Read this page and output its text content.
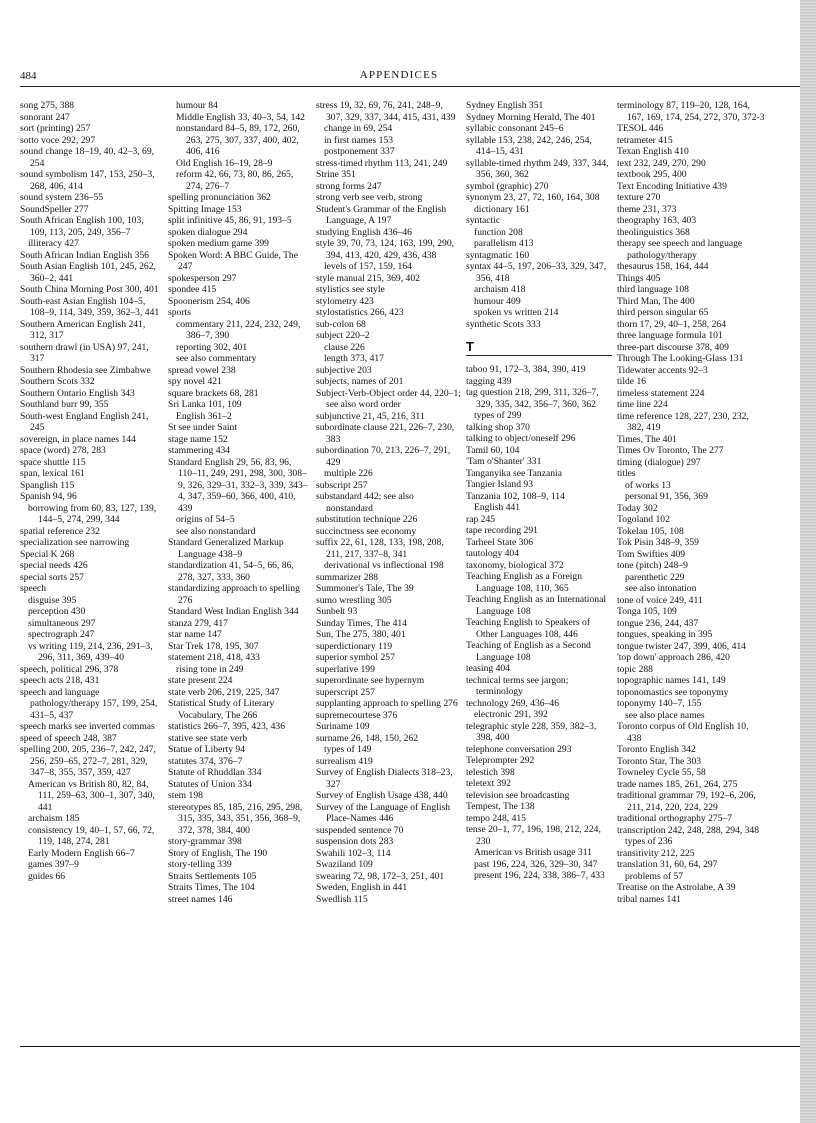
484	APPENDICES
song 275, 388
sonorant 247
sort (printing) 257
sotto voce 292, 297
sound change 18–19, 40, 42–3, 69, 254
sound symbolism 147, 153, 250–3, 268, 406, 414
sound system 236–55
SoundSpeller 277
South African English 100, 103, 109, 113, 205, 249, 356–7
illiteracy 427
South African Indian English 356
South Asian English 101, 245, 262, 360–2, 441
South China Morning Post 300, 401
South-east Asian English 104–5, 108–9, 114, 349, 359, 362–3, 441
Southern American English 241, 312, 317
southern drawl (in USA) 97, 241, 317
Southern Rhodesia see Zimbabwe
Southern Scots 332
Southern Ontario English 343
Southland burr 99, 355
South-west England English 241, 245
sovereign, in place names 144
space (word) 278, 283
space shuttle 115
span, lexical 161
Spanglish 115
Spanish 94, 96
borrowing from 60, 83, 127, 139, 144–5, 274, 299, 344
spatial reference 232
specialization see narrowing
Special K 268
special needs 426
special sorts 257
speech
disguise 395
perception 430
simultaneous 297
spectrograph 247
vs writing 119, 214, 236, 291–3, 296, 311, 369, 439–40
speech, political 296, 378
speech acts 218, 431
speech and language pathology/therapy 157, 199, 254, 431–5, 437
speech marks see inverted commas
speed of speech 248, 387
spelling 200, 205, 236–7, 242, 247, 256, 259–65, 272–7, 281, 329, 347–8, 355, 357, 359, 427
American vs British 80, 82, 84, 111, 259–63, 300–1, 307, 340, 441
archaism 185
consistency 19, 40–1, 57, 66, 72, 119, 148, 274, 281
Early Modern English 66–7
games 397–9
guides 66
humour 84
Middle English 33, 40–3, 54, 142
nonstandard 84–5, 89, 172, 260, 263, 275, 307, 337, 400, 402, 406, 416
Old English 16–19, 28–9
reform 42, 66, 73, 80, 86, 265, 274, 276–7
spelling pronunciation 362
Spitting Image 153
split infinitive 45, 86, 91, 193–5
spoken dialogue 294
spoken medium game 399
Spoken Word: A BBC Guide, The 247
spokesperson 297
spondee 415
Spoonerism 254, 406
sports
commentary 211, 224, 232, 249, 386–7, 390
reporting 302, 401
see also commentary
spread vowel 238
spy novel 421
square brackets 68, 281
Sri Lanka 101, 109
English 361–2
St see under Saint
stage name 152
stammering 434
Standard English 29, 56, 83, 96, 110–11, 249, 291, 298, 300, 308–9, 326, 329–31, 332–3, 339, 343–4, 347, 359–60, 366, 400, 410, 439
origins of 54–5
see also nonstandard
Standard Generalized Markup Language 438–9
standardization 41, 54–5, 66, 86, 278, 327, 333, 360
standardizing approach to spelling 276
Standard West Indian English 344
stanza 279, 417
star name 147
Star Trek 178, 195, 307
statement 218, 418, 433
rising tone in 249
state present 224
state verb 206, 219, 225, 347
Statistical Study of Literary Vocabulary, The 266
statistics 266–7, 395, 423, 436
stative see state verb
Statue of Liberty 94
statutes 374, 376–7
Statute of Rhuddlan 334
Statutes of Union 334
stem 198
stereotypes 85, 185, 216, 295, 298, 315, 335, 343, 351, 356, 368–9, 372, 378, 384, 400
story-grammar 398
Story of English, The 190
story-telling 339
Straits Settlements 105
Straits Times, The 104
street names 146
stress 19, 32, 69, 76, 241, 248–9, 307, 329, 337, 344, 415, 431, 439
change in 69, 254
in first names 153
postponement 337
stress-timed rhythm 113, 241, 249
Strine 351
strong forms 247
strong verb see verb, strong
Student's Grammar of the English Language, A 197
studying English 436–46
style 39, 70, 73, 124, 163, 199, 290, 394, 413, 420, 429, 436, 438
levels of 157, 159, 164
style manual 215, 369, 402
stylistics see style
stylometry 423
stylostatistics 266, 423
sub-colon 68
subject 220–2
clause 226
length 373, 417
subjective 203
subjects, names of 201
Subject-Verb-Object order 44, 220–1; see also word order
subjunctive 21, 45, 216, 311
subordinate clause 221, 226–7, 230, 383
subordination 70, 213, 226–7, 291, 429
multiple 226
subscript 257
substandard 442; see also nonstandard
substitution technique 226
succinctness see economy
suffix 22, 61, 128, 133, 198, 208, 211, 217, 337–8, 341
derivational vs inflectional 198
summarizer 288
Summoner's Tale, The 39
sumo wrestling 305
Sunbelt 93
Sunday Times, The 414
Sun, The 275, 380, 401
superdictionary 119
superior symbol 257
superlative 199
superordinate see hypernym
superscript 257
supplanting approach to spelling 276
supremecourtese 376
Suriname 109
surname 26, 148, 150, 262
types of 149
surrealism 419
Survey of English Dialects 318–23, 327
Survey of English Usage 438, 440
Survey of the Language of English Place-Names 446
suspended sentence 70
suspension dots 283
Swahili 102–3, 114
Swaziland 109
swearing 72, 98, 172–3, 251, 401
Sweden, English in 441
Swedlish 115
Sydney English 351
Sydney Morning Herald, The 401
syllabic consonant 245–6
syllable 153, 238, 242, 246, 254, 414–15, 431
syllable-timed rhythm 249, 337, 344, 356, 360, 362
symbol (graphic) 270
synonym 23, 27, 72, 160, 164, 308
dictionary 161
syntactic
function 208
parallelism 413
syntagmatic 160
syntax 44–5, 197, 206–33, 329, 347, 356, 418
archaism 418
humour 409
spoken vs written 214
synthetic Scots 333
T
taboo 91, 172–3, 384, 390, 419
tagging 439
tag question 218, 299, 311, 326–7, 329, 335, 342, 356–7, 360, 362
types of 299
talking shop 370
talking to object/oneself 296
Tamil 60, 104
'Tam o'Shanter' 331
Tanganyika see Tanzania
Tangier Island 93
Tanzania 102, 108–9, 114
English 441
rap 245
tape recording 291
Tarheel State 306
tautology 404
taxonomy, biological 372
Teaching English as a Foreign Language 108, 110, 365
Teaching English as an International Language 108
Teaching English to Speakers of Other Languages 108, 446
Teaching of English as a Second Language 108
teasing 404
technical terms see jargon; terminology
technology 269, 436–46
electronic 291, 392
telegraphic style 228, 359, 382–3, 398, 400
telephone conversation 293
Teleprompter 292
telestich 398
teletext 392
television see broadcasting
Tempest, The 138
tempo 248, 415
tense 20–1, 77, 196, 198, 212, 224, 230
American vs British usage 311
past 196, 224, 326, 329–30, 347
present 196, 224, 338, 386–7, 433
terminology 87, 119–20, 128, 164, 167, 169, 174, 254, 272, 370, 372-3
TESOL 446
tetrameter 415
Texan English 410
text 232, 249, 270, 290
textbook 295, 400
Text Encoding Initiative 439
texture 270
theme 231, 373
theography 163, 403
theolinguistics 368
therapy see speech and language pathology/therapy
thesaurus 158, 164, 444
Things 405
third language 108
Third Man, The 400
third person singular 65
thorn 17, 29, 40–1, 258, 264
three language formula 101
three-part discourse 378, 409
Through The Looking-Glass 131
Tidewater accents 92–3
tilde 16
timeless statement 224
time line 224
time reference 128, 227, 230, 232, 382, 419
Times, The 401
Times Ov Toronto, The 277
timing (dialogue) 297
titles
of works 13
personal 91, 356, 369
Today 302
Togoland 102
Tokelau 105, 108
Tok Pisin 348–9, 359
Tom Swifties 409
tone (pitch) 248–9
parenthetic 229
see also intonation
tone of voice 249, 411
Tonga 105, 109
tongue 236, 244, 437
tongues, speaking in 395
tongue twister 247, 399, 406, 414
'top down' approach 286, 420
topic 288
topographic names 141, 149
toponomastics see toponymy
toponymy 140–7, 155
see also place names
Toronto corpus of Old English 10, 438
Toronto English 342
Toronto Star, The 303
Towneley Cycle 55, 58
trade names 185, 261, 264, 275
traditional grammar 79, 192–6, 206, 211, 214, 220, 224, 229
traditional orthography 275–7
transcription 242, 248, 288, 294, 348
types of 236
transitivity 212, 225
translation 31, 60, 64, 297
problems of 57
Treatise on the Astrolabe, A 39
tribal names 141
